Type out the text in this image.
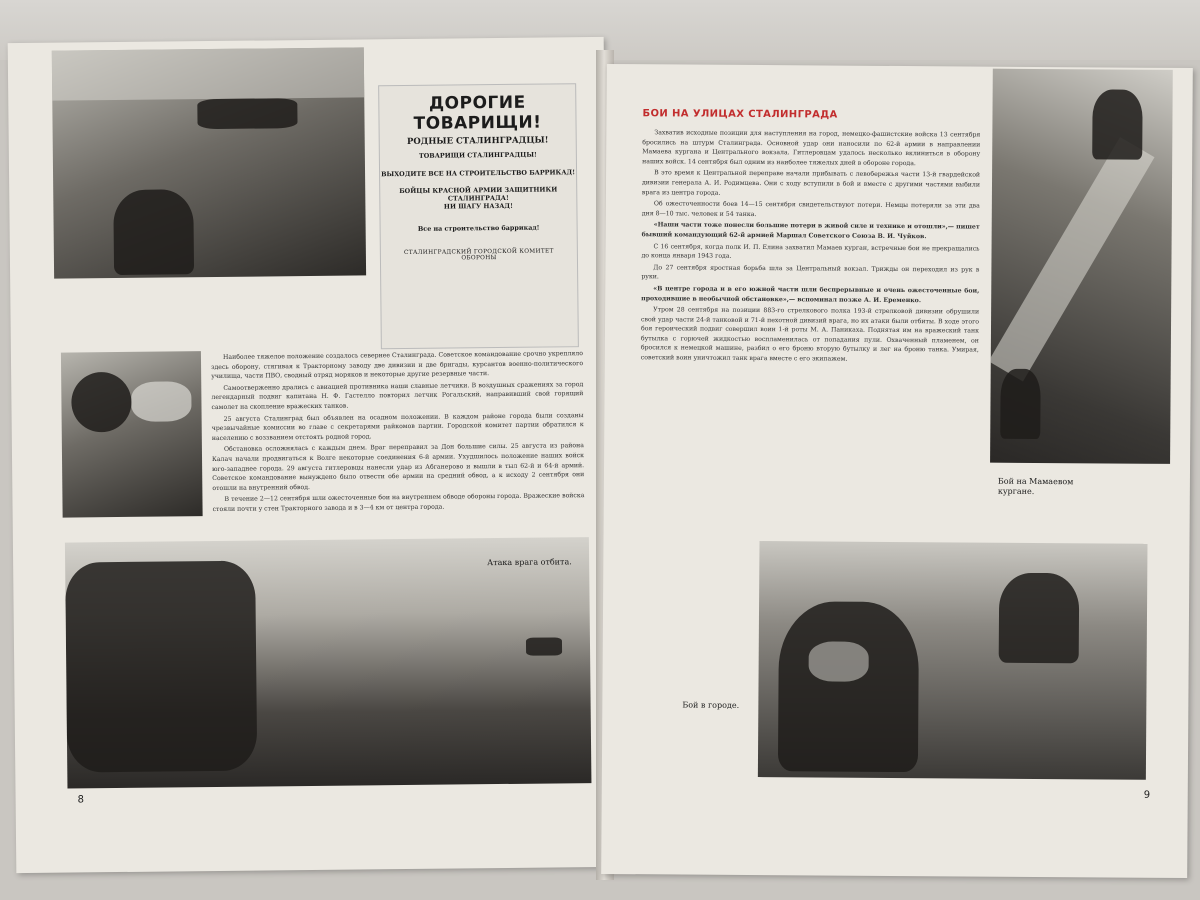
ДОРОГИЕ ТОВАРИЩИ!
РОДНЫЕ СТАЛИНГРАДЦЫ!
ТОВАРИЩИ СТАЛИНГРАДЦЫ!
ВЫХОДИТЕ ВСЕ НА СТРОИТЕЛЬСТВО БАРРИКАД!
БОЙЦЫ КРАСНОЙ АРМИИ ЗАЩИТНИКИ СТАЛИНГРАДА!
НИ ШАГУ НАЗАД!
Все на строительство баррикад!
СТАЛИНГРАДСКИЙ ГОРОДСКОЙ КОМИТЕТ ОБОРОНЫ

Наиболее тяжелое положение создалось севернее Сталинграда. Советское командование срочно укрепляло здесь оборону, стягивая к Тракторному заводу две дивизии и две бригады, курсантов военно-политического училища, части ПВО, сводный отряд моряков и некоторые другие резервные части.

Самоотверженно дрались с авиацией противника наши славные летчики. В воздушных сражениях за город легендарный подвиг капитана Н. Ф. Гастелло повторил летчик Рогальский, направивший свой горящий самолет на скопление вражеских танков.

25 августа Сталинград был объявлен на осадном положении. В каждом районе города были созданы чрезвычайные комиссии во главе с секретарями райкомов партии. Городской комитет партии обратился к населению с воззванием отстоять родной город.

Обстановка осложнялась с каждым днем. Враг переправил за Дон большие силы. 25 августа из района Калач начали продвигаться к Волге некоторые соединения 6-й армии. Ухудшилось положение наших войск юго-западнее города. 29 августа гитлеровцы нанесли удар из Абганерово и вышли в тыл 62-й и 64-й армий. Советское командование вынуждено было отвести обе армии на средний обвод, а к исходу 2 сентября они отошли на внутренний обвод.

В течение 2—12 сентября шли ожесточенные бои на внутреннем обводе обороны города. Вражеские войска стояли почти у стен Тракторного завода и в 3—4 км от центра города.

Атака врага отбита.
8
БОИ НА УЛИЦАХ СТАЛИНГРАДА

Захватив исходные позиции для наступления на город, немецко-фашистские войска 13 сентября бросились на штурм Сталинграда. Основной удар они наносили по 62-й армии в направлении Мамаева кургана и Центрального вокзала. Гитлеровцам удалось несколько вклиниться в оборону наших войск. 14 сентября был одним из наиболее тяжелых дней в обороне города.

В это время к Центральной переправе начали прибывать с левобережья части 13-й гвардейской дивизии генерала А. И. Родимцева. Они с ходу вступили в бой и вместе с другими частями выбили врага из центра города.

Об ожесточенности боев 14—15 сентября свидетельствуют потери. Немцы потеряли за эти два дня 8—10 тыс. человек и 54 танка.

«Наши части тоже понесли большие потери в живой силе и технике и отошли»,— пишет бывший командующий 62-й армией Маршал Советского Союза В. И. Чуйков.

С 16 сентября, когда полк И. П. Елина захватил Мамаев курган, встречные бои не прекращались до конца января 1943 года.

До 27 сентября яростная борьба шла за Центральный вокзал. Трижды он переходил из рук в руки.

«В центре города и в его южной части шли беспрерывные и очень ожесточенные бои, проходившие в необычной обстановке»,— вспоминал позже А. И. Еременко.

Утром 28 сентября на позиции 883-го стрелкового полка 193-й стрелковой дивизии обрушили свой удар части 24-й танковой и 71-й пехотной дивизий врага, но их атаки были отбиты. В ходе этого боя героический подвиг совершил воин 1-й роты М. А. Паникаха. Поднятая им на вражеский танк бутылка с горючей жидкостью воспламенилась от попадания пули. Охваченный пламенем, он бросился к немецкой машине, разбил о его броню вторую бутылку и лег на броню танка. Умирая, советский воин уничтожил танк врага вместе с его экипажем.

Бой на Мамаевом кургане.
Бой в городе.
9
